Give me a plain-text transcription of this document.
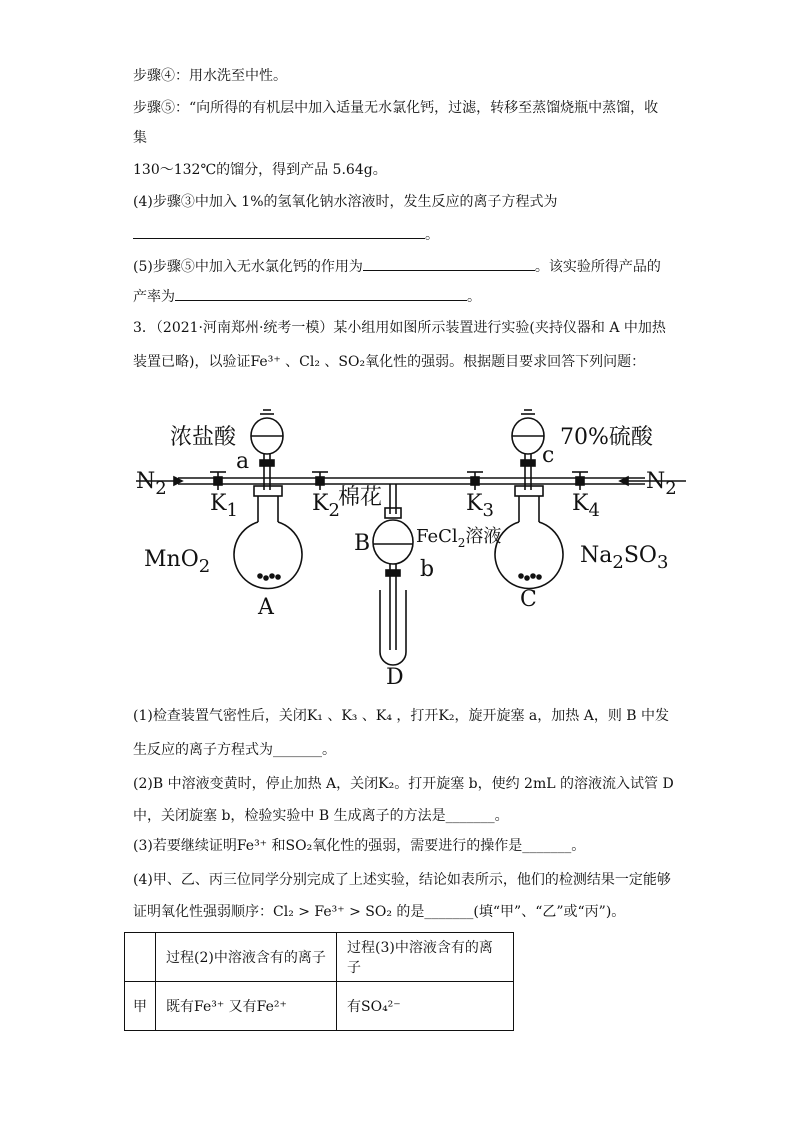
步骤④：用水洗至中性。
步骤⑤：“向所得的有机层中加入适量无水氯化钙，过滤，转移至蒸馏烧瓶中蒸馏，收
集
130～132℃的馏分，得到产品 5.64g。
(4)步骤③中加入 1%的氢氧化钠水溶液时，发生反应的离子方程式为
。
(5)步骤⑤中加入无水氯化钙的作用为	。该实验所得产品的
产率为	。
3．（2021·河南郑州·统考一模）某小组用如图所示装置进行实验(夹持仪器和 A 中加热
装置已略)，以验证Fe³⁺ 、Cl₂ 、SO₂氧化性的强弱。根据题目要求回答下列问题：
浓盐酸	70%硫酸
a	c
$N_2$	$N_2$
$K_1$	$K_2$	$K_3$	$K_4$
棉花
B	FeCl$_2$溶液
b
MnO$_2$	$Na_2SO_3$
A	C
D
(1)检查装置气密性后，关闭K₁ 、K₃ 、K₄ ，打开K₂，旋开旋塞 a，加热 A，则 B 中发
生反应的离子方程式为_______。
(2)B 中溶液变黄时，停止加热 A，关闭K₂。打开旋塞 b，使约 2mL 的溶液流入试管 D
中，关闭旋塞 b，检验实验中 B 生成离子的方法是_______。
(3)若要继续证明Fe³⁺ 和SO₂氧化性的强弱，需要进行的操作是_______。
(4)甲、乙、丙三位同学分别完成了上述实验，结论如表所示，他们的检测结果一定能够
证明氧化性强弱顺序：Cl₂ > Fe³⁺ > SO₂ 的是_______(填“甲”、“乙”或“丙”)。
	过程(2)中溶液含有的离子	过程(3)中溶液含有的离子
甲	既有Fe³⁺ 又有Fe²⁺	有SO₄²⁻
